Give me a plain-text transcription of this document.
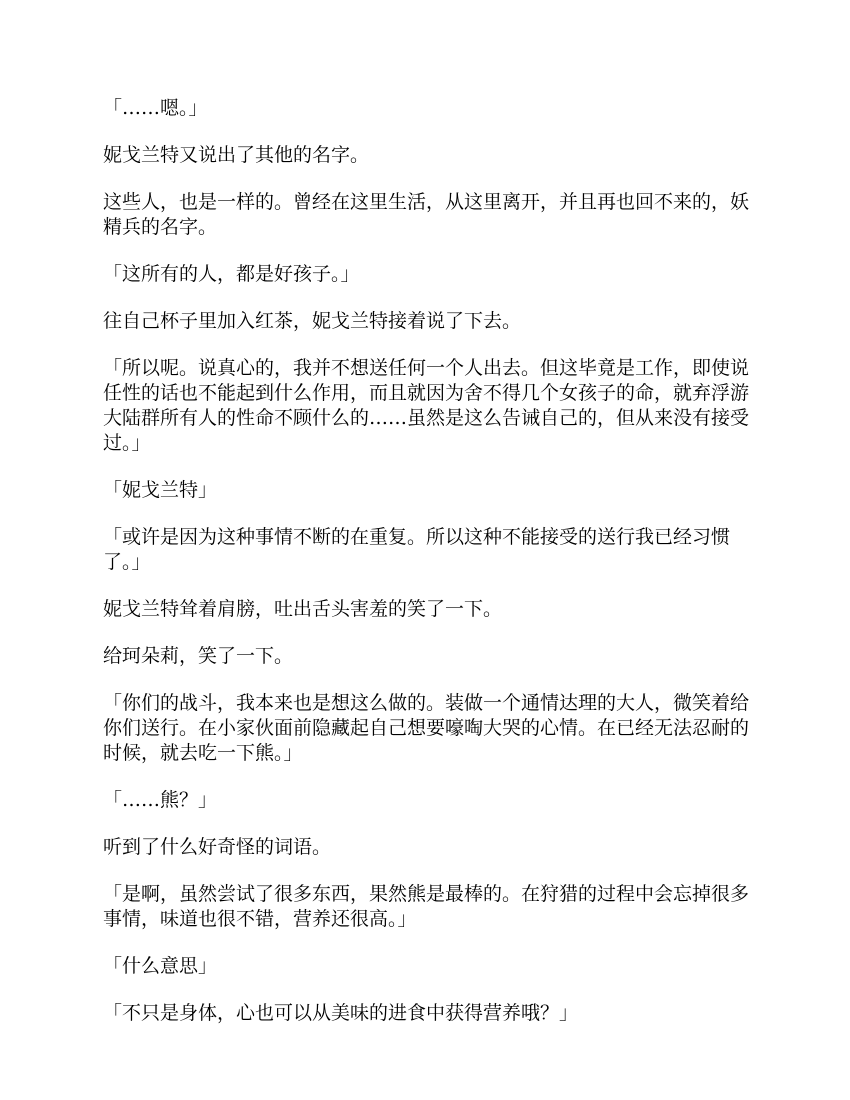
「……嗯。」

妮戈兰特又说出了其他的名字。

这些人，也是一样的。曾经在这里生活，从这里离开，并且再也回不来的，妖精兵的名字。

「这所有的人，都是好孩子。」

往自己杯子里加入红茶，妮戈兰特接着说了下去。

「所以呢。说真心的，我并不想送任何一个人出去。但这毕竟是工作，即使说任性的话也不能起到什么作用，而且就因为舍不得几个女孩子的命，就弃浮游大陆群所有人的性命不顾什么的……虽然是这么告诫自己的，但从来没有接受过。」

「妮戈兰特」

「或许是因为这种事情不断的在重复。所以这种不能接受的送行我已经习惯了。」

妮戈兰特耸着肩膀，吐出舌头害羞的笑了一下。

给珂朵莉，笑了一下。

「你们的战斗，我本来也是想这么做的。装做一个通情达理的大人，微笑着给你们送行。在小家伙面前隐藏起自己想要嚎啕大哭的心情。在已经无法忍耐的时候，就去吃一下熊。」

「……熊？」

听到了什么好奇怪的词语。

「是啊，虽然尝试了很多东西，果然熊是最棒的。在狩猎的过程中会忘掉很多事情，味道也很不错，营养还很高。」

「什么意思」

「不只是身体，心也可以从美味的进食中获得营养哦？」
